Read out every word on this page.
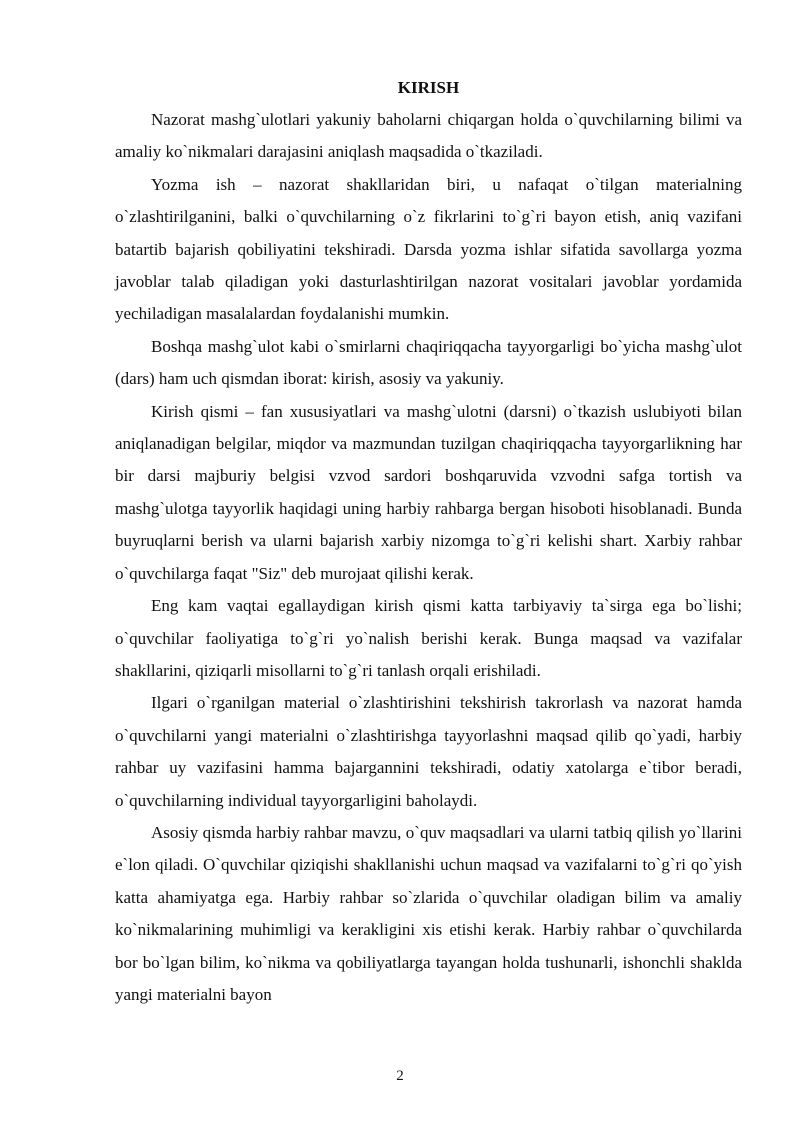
KIRISH

Nazorat mashg`ulotlari yakuniy baholarni chiqargan holda o`quvchilarning bilimi va amaliy ko`nikmalari darajasini aniqlash maqsadida o`tkaziladi.

Yozma ish – nazorat shakllaridan biri, u nafaqat o`tilgan materialning o`zlashtirilganini, balki o`quvchilarning o`z fikrlarini to`g`ri bayon etish, aniq vazifani batartib bajarish qobiliyatini tekshiradi. Darsda yozma ishlar sifatida savollarga yozma javoblar talab qiladigan yoki dasturlashtirilgan nazorat vositalari javoblar yordamida yechiladigan masalalardan foydalanishi mumkin.

Boshqa mashg`ulot kabi o`smirlarni chaqiriqqacha tayyorgarligi bo`yicha mashg`ulot (dars) ham uch qismdan iborat: kirish, asosiy va yakuniy.

Kirish qismi – fan xususiyatlari va mashg`ulotni (darsni) o`tkazish uslubiyoti bilan aniqlanadigan belgilar, miqdor va mazmundan tuzilgan chaqiriqqacha tayyorgarlikning har bir darsi majburiy belgisi vzvod sardori boshqaruvida vzvodni safga tortish va mashg`ulotga tayyorlik haqidagi uning harbiy rahbarga bergan hisoboti hisoblanadi. Bunda buyruqlarni berish va ularni bajarish xarbiy nizomga to`g`ri kelishi shart. Xarbiy rahbar o`quvchilarga faqat "Siz" deb murojaat qilishi kerak.

Eng kam vaqtai egallaydigan kirish qismi katta tarbiyaviy ta`sirga ega bo`lishi; o`quvchilar faoliyatiga to`g`ri yo`nalish berishi kerak. Bunga maqsad va vazifalar shakllarini, qiziqarli misollarni to`g`ri tanlash orqali erishiladi.

Ilgari o`rganilgan material o`zlashtirishini tekshirish takrorlash va nazorat hamda o`quvchilarni yangi materialni o`zlashtirishga tayyorlashni maqsad qilib qo`yadi, harbiy rahbar uy vazifasini hamma bajargannini tekshiradi, odatiy xatolarga e`tibor beradi, o`quvchilarning individual tayyorgarligini baholaydi.

Asosiy qismda harbiy rahbar mavzu, o`quv maqsadlari va ularni tatbiq qilish yo`llarini e`lon qiladi. O`quvchilar qiziqishi shakllanishi uchun maqsad va vazifalarni to`g`ri qo`yish katta ahamiyatga ega. Harbiy rahbar so`zlarida o`quvchilar oladigan bilim va amaliy ko`nikmalarining muhimligi va kerakligini xis etishi kerak. Harbiy rahbar o`quvchilarda bor bo`lgan bilim, ko`nikma va qobiliyatlarga tayangan holda tushunarli, ishonchli shaklda yangi materialni bayon

2
